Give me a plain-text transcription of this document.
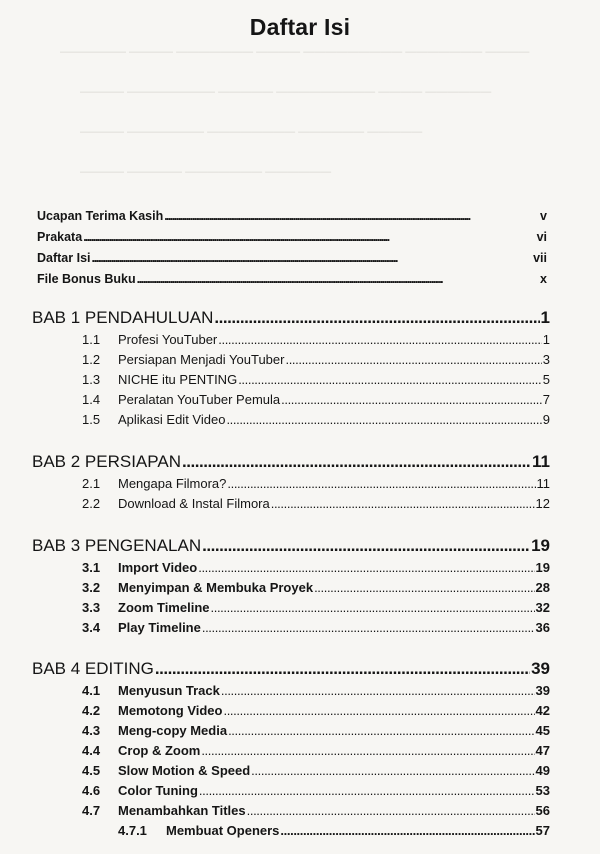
Daftar Isi
—————— ———— ——————— ———— ————————— ——————— ————
———— ———————— ————— ————————— ———— ——————
———— ——————— ———————— —————— —————
———— ————— ——————— ——————
Ucapan Terima Kasih . . .	v
Prakata . . .	vi
Daftar Isi . . .	vii
File Bonus Buku . . .	x
BAB 1 PENDAHULUAN . . .	1
1.1	Profesi YouTuber . . .	1
1.2	Persiapan Menjadi YouTuber . . .	3
1.3	NICHE itu PENTING . . .	5
1.4	Peralatan YouTuber Pemula . . .	7
1.5	Aplikasi Edit Video . . .	9
BAB 2 PERSIAPAN . . .	11
2.1	Mengapa Filmora? . . .	11
2.2	Download & Instal Filmora . . .	12
BAB 3 PENGENALAN . . .	19
3.1	Import Video . . .	19
3.2	Menyimpan & Membuka Proyek . . .	28
3.3	Zoom Timeline . . .	32
3.4	Play Timeline . . .	36
BAB 4 EDITING . . .	39
4.1	Menyusun Track . . .	39
4.2	Memotong Video . . .	42
4.3	Meng-copy Media . . .	45
4.4	Crop & Zoom . . .	47
4.5	Slow Motion & Speed . . .	49
4.6	Color Tuning . . .	53
4.7	Menambahkan Titles . . .	56
4.7.1	Membuat Openers . . .	57
